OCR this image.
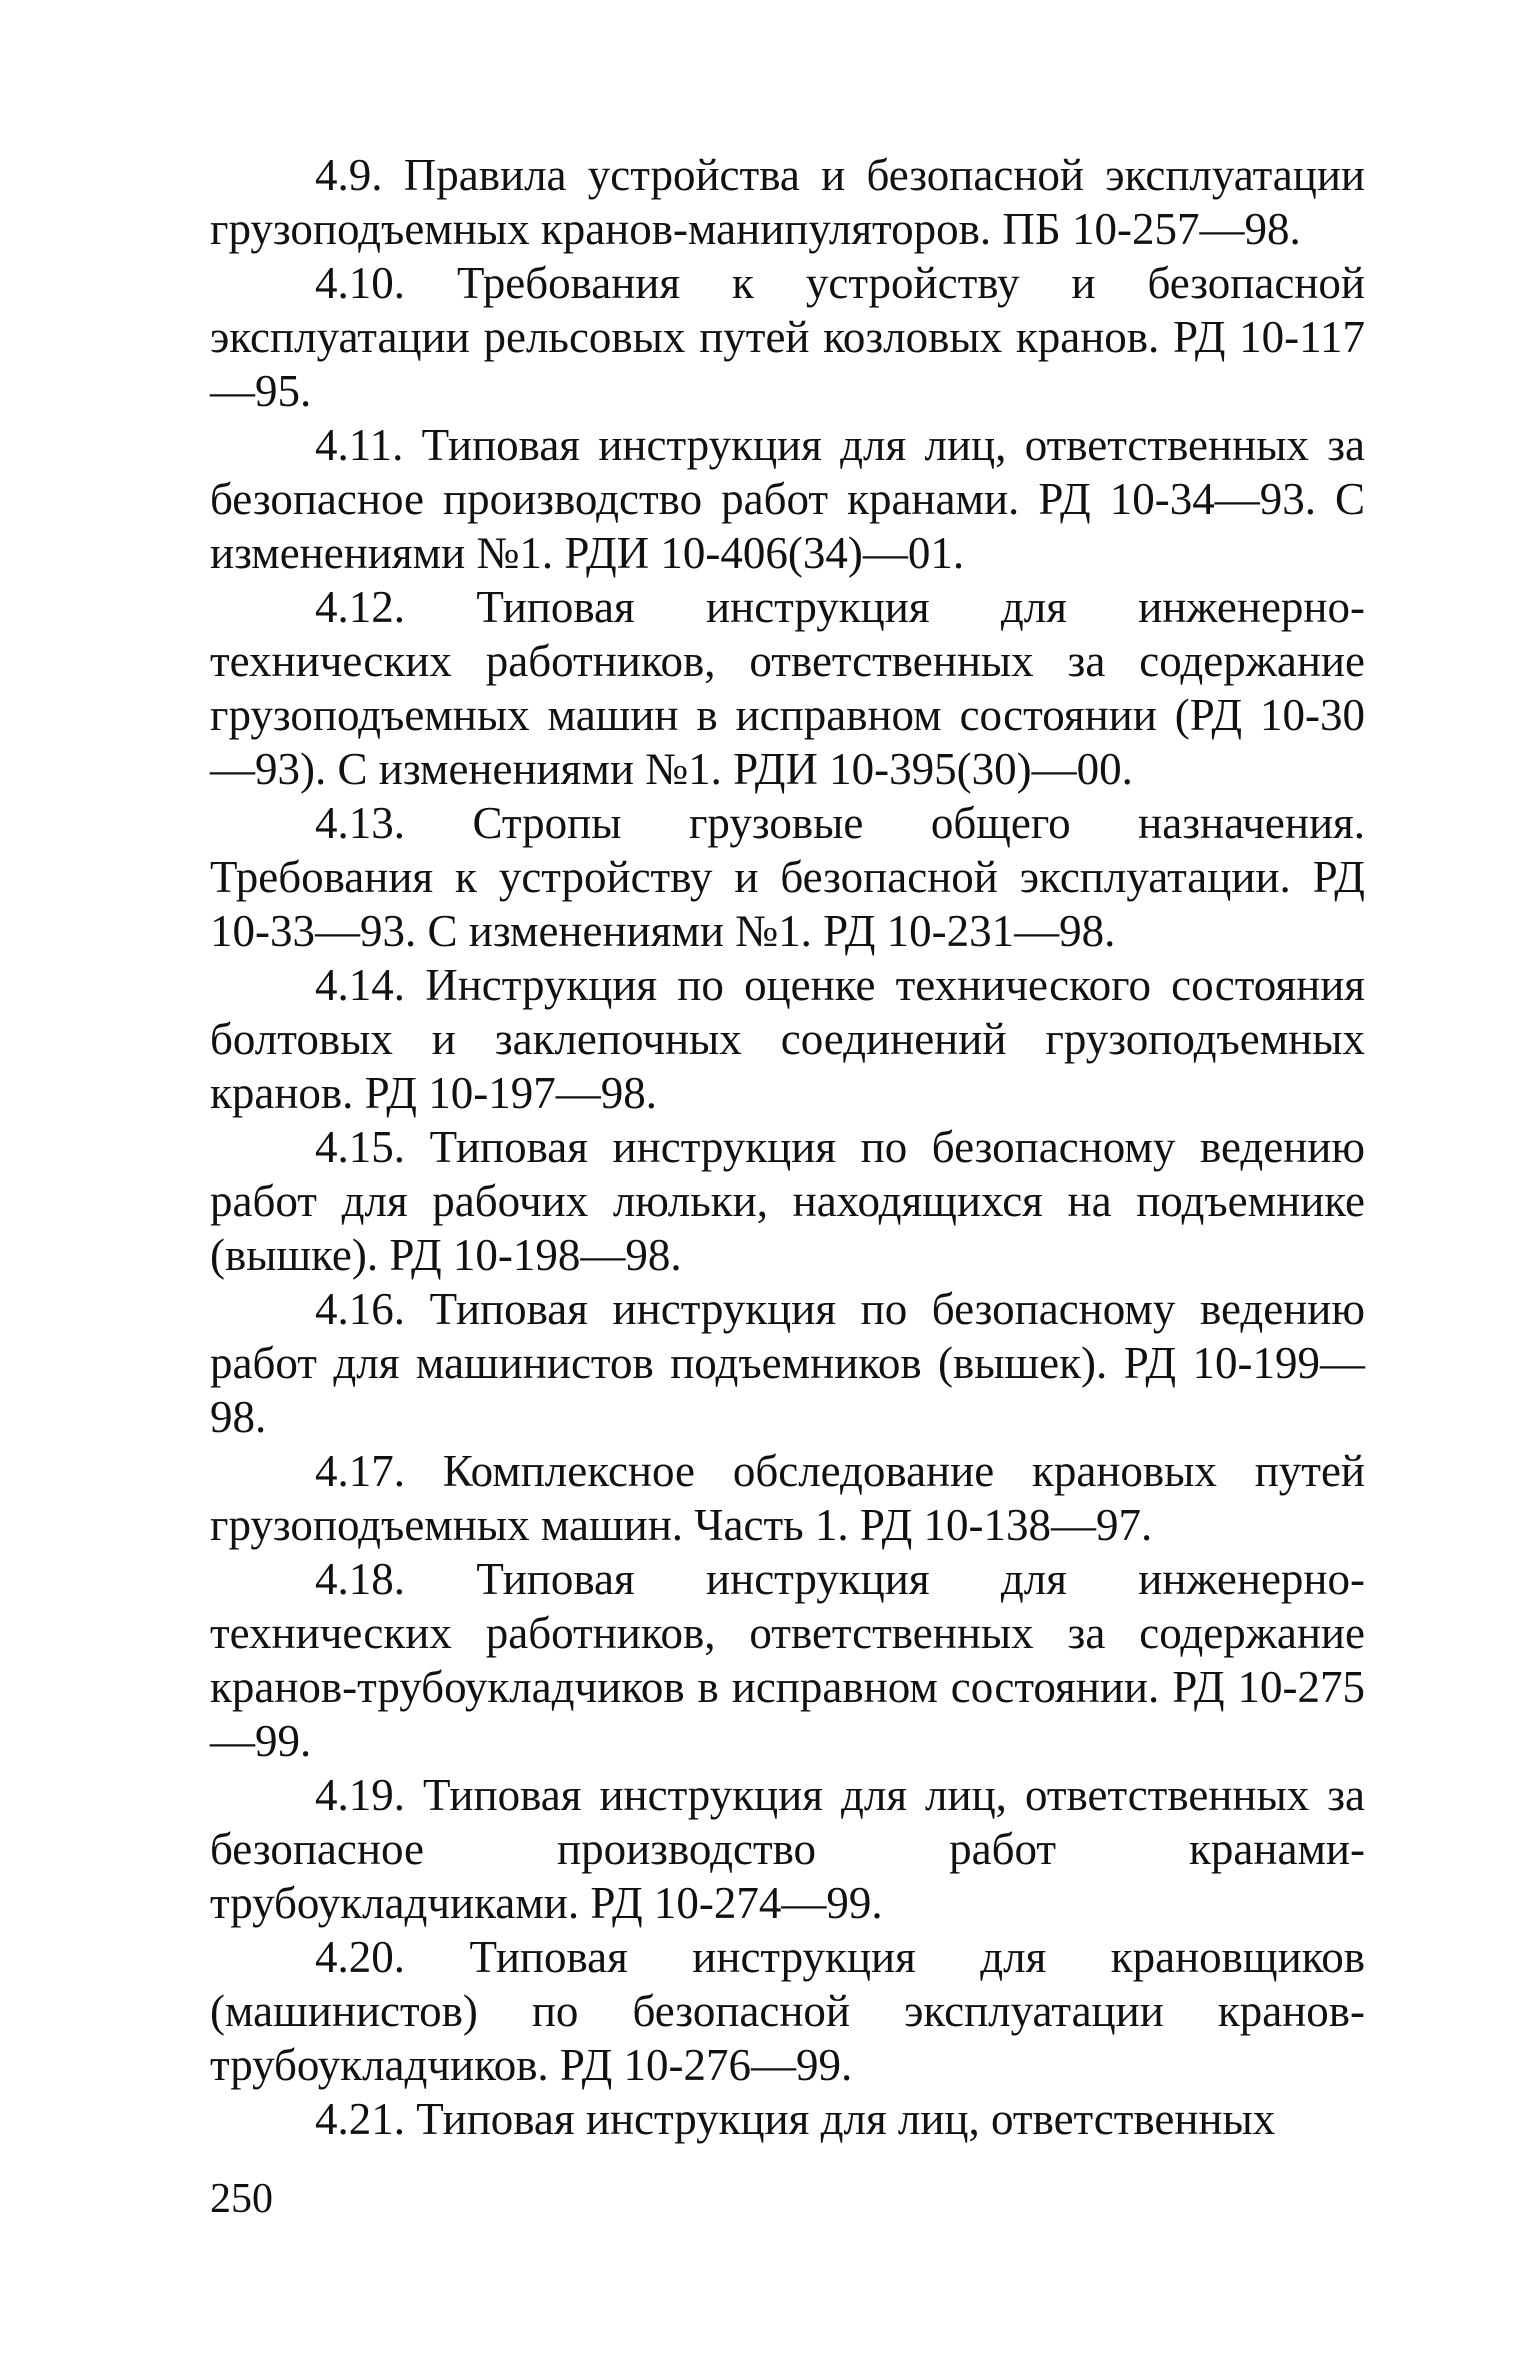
4.9. Правила устройства и безопасной эксплуатации грузоподъемных кранов-манипуляторов. ПБ 10-257—98.

4.10. Требования к устройству и безопасной эксплуатации рельсовых путей козловых кранов. РД 10-117—95.

4.11. Типовая инструкция для лиц, ответственных за безопасное производство работ кранами. РД 10-34—93. С изменениями №1. РДИ 10-406(34)—01.

4.12. Типовая инструкция для инженерно-технических работников, ответственных за содержание грузоподъемных машин в исправном состоянии (РД 10-30—93). С изменениями №1. РДИ 10-395(30)—00.

4.13. Стропы грузовые общего назначения. Требования к устройству и безопасной эксплуатации. РД 10-33—93. С изменениями №1. РД 10-231—98.

4.14. Инструкция по оценке технического состояния болтовых и заклепочных соединений грузоподъемных кранов. РД 10-197—98.

4.15. Типовая инструкция по безопасному ведению работ для рабочих люльки, находящихся на подъемнике (вышке). РД 10-198—98.

4.16. Типовая инструкция по безопасному ведению работ для машинистов подъемников (вышек). РД 10-199—98.

4.17. Комплексное обследование крановых путей грузоподъемных машин. Часть 1. РД 10-138—97.

4.18. Типовая инструкция для инженерно-технических работников, ответственных за содержание кранов-трубоукладчиков в исправном состоянии. РД 10-275—99.

4.19. Типовая инструкция для лиц, ответственных за безопасное производство работ кранами-трубоукладчиками. РД 10-274—99.

4.20. Типовая инструкция для крановщиков (машинистов) по безопасной эксплуатации кранов-трубоукладчиков. РД 10-276—99.

4.21. Типовая инструкция для лиц, ответственных

250
